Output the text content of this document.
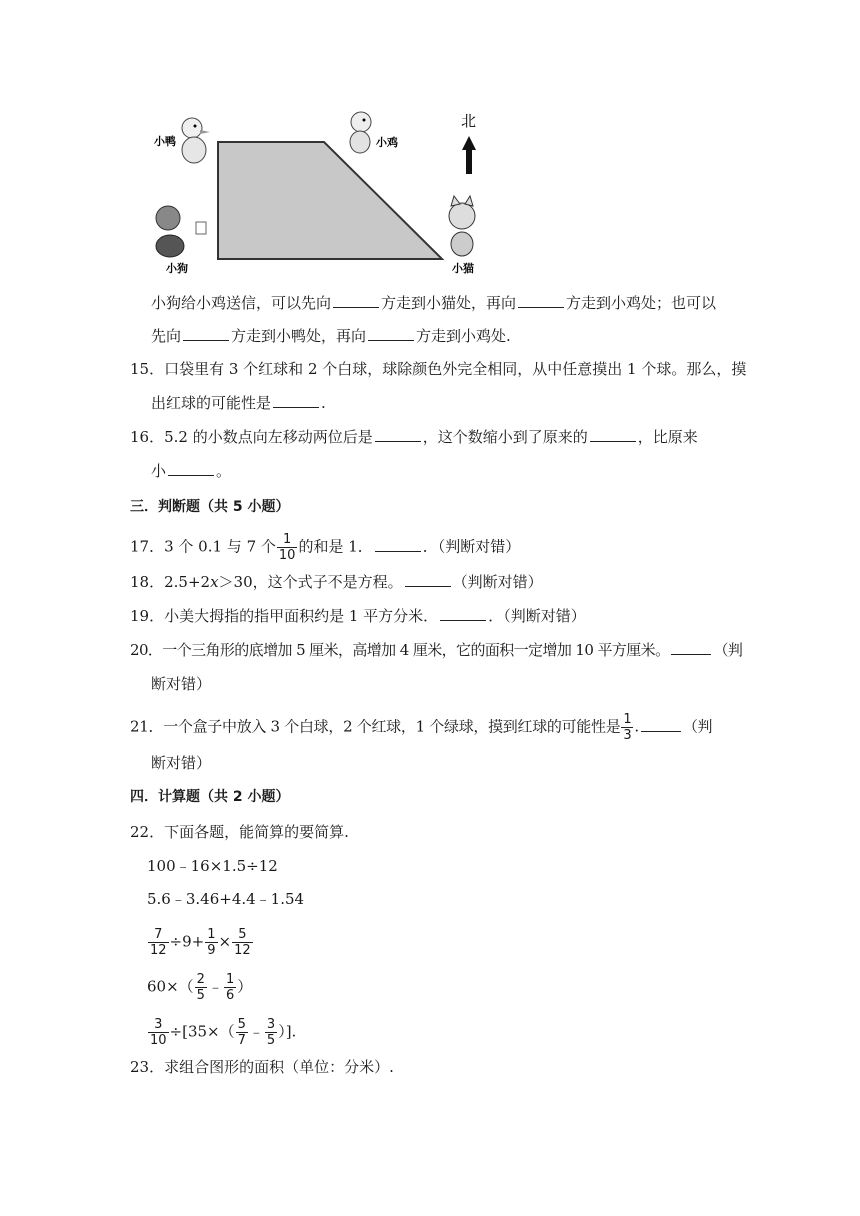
小鸭	小鸡
小狗	小猫
北
小狗给小鸡送信，可以先向	方走到小猫处，再向	方走到小鸡处；也可以
先向	方走到小鸭处，再向	方走到小鸡处.
15．口袋里有 3 个红球和 2 个白球，球除颜色外完全相同，从中任意摸出 1 个球。那么，摸
出红球的可能性是	.
16．5.2 的小数点向左移动两位后是	，这个数缩小到了原来的	，比原来
小	。
三．判断题（共 5 小题）
17．3 个 0.1 与 7 个 $\frac{1}{10}$ 的和是 1．	．（判断对错）
18．2.5+2x＞30，这个式子不是方程。	（判断对错）
19．小美大拇指的指甲面积约是 1 平方分米．	．（判断对错）
20．一个三角形的底增加 5 厘米，高增加 4 厘米，它的面积一定增加 10 平方厘米。	（判
断对错）
21．一个盒子中放入 3 个白球，2 个红球，1 个绿球，摸到红球的可能性是 $\frac{1}{3}$ .	（判
断对错）
四．计算题（共 2 小题）
22．下面各题，能简算的要简算.
100﹣16×1.5÷12
5.6﹣3.46+4.4﹣1.54
$\frac{7}{12} \div 9+ \frac{1}{9} \times \frac{5}{12}$
$60\times( \frac{2}{5}$ ﹣ $\frac{1}{6}$ ）
$\frac{3}{10} \div[35\times( \frac{5}{7}$ ﹣ $\frac{3}{5}$ ）].
23．求组合图形的面积（单位：分米）.
